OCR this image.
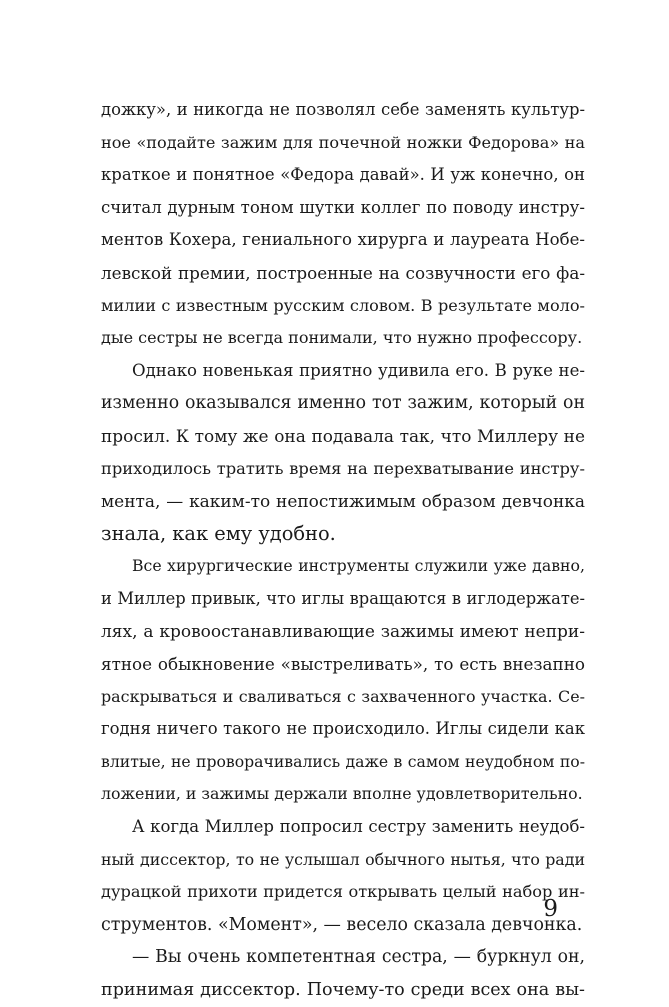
дожку», и никогда не позволял себе заменять культур-
ное «подайте зажим для почечной ножки Федорова» на
краткое и понятное «Федора давай». И уж конечно, он
считал дурным тоном шутки коллег по поводу инстру-
ментов Кохера, гениального хирурга и лауреата Нобе-
левской премии, построенные на созвучности его фа-
милии с известным русским словом. В результате моло-
дые сестры не всегда понимали, что нужно профессору.
Однако новенькая приятно удивила его. В руке не-
изменно оказывался именно тот зажим, который он
просил. К тому же она подавала так, что Миллеру не
приходилось тратить время на перехватывание инстру-
мента, — каким-то непостижимым образом девчонка
знала, как ему удобно.
Все хирургические инструменты служили уже давно,
и Миллер привык, что иглы вращаются в иглодержате-
лях, а кровоостанавливающие зажимы имеют непри-
ятное обыкновение «выстреливать», то есть внезапно
раскрываться и сваливаться с захваченного участка. Се-
годня ничего такого не происходило. Иглы сидели как
влитые, не проворачивались даже в самом неудобном по-
ложении, и зажимы держали вполне удовлетворительно.
А когда Миллер попросил сестру заменить неудоб-
ный диссектор, то не услышал обычного нытья, что ради
дурацкой прихоти придется открывать целый набор ин-
струментов. «Момент», — весело сказала девчонка.
— Вы очень компетентная сестра, — буркнул он,
принимая диссектор. Почему-то среди всех она вы-
9
